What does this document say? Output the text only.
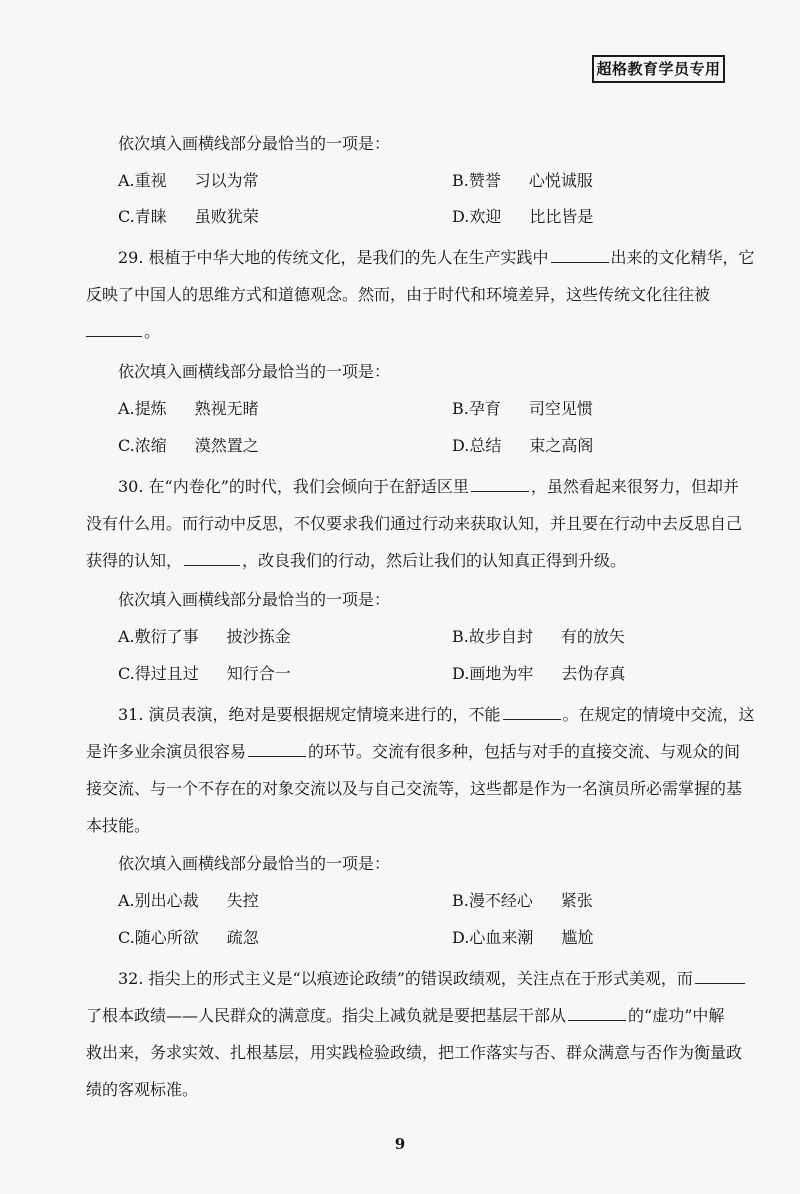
超格教育学员专用
依次填入画横线部分最恰当的一项是：
A.重视 习以为常	B.赞誉 心悦诚服
C.青睐 虽败犹荣	D.欢迎 比比皆是
29. 根植于中华大地的传统文化，是我们的先人在生产实践中	出来的文化精华，它
反映了中国人的思维方式和道德观念。然而，由于时代和环境差异，这些传统文化往往被
。
依次填入画横线部分最恰当的一项是：
A.提炼 熟视无睹	B.孕育 司空见惯
C.浓缩 漠然置之	D.总结 束之高阁
30. 在“内卷化”的时代，我们会倾向于在舒适区里	，虽然看起来很努力，但却并
没有什么用。而行动中反思，不仅要求我们通过行动来获取认知，并且要在行动中去反思自己
获得的认知，	，改良我们的行动，然后让我们的认知真正得到升级。
依次填入画横线部分最恰当的一项是：
A.敷衍了事 披沙拣金	B.故步自封 有的放矢
C.得过且过 知行合一	D.画地为牢 去伪存真
31. 演员表演，绝对是要根据规定情境来进行的，不能	。在规定的情境中交流，这
是许多业余演员很容易	的环节。交流有很多种，包括与对手的直接交流、与观众的间
接交流、与一个不存在的对象交流以及与自己交流等，这些都是作为一名演员所必需掌握的基
本技能。
依次填入画横线部分最恰当的一项是：
A.别出心裁 失控	B.漫不经心 紧张
C.随心所欲 疏忽	D.心血来潮 尴尬
32. 指尖上的形式主义是“以痕迹论政绩”的错误政绩观，关注点在于形式美观，而
了根本政绩——人民群众的满意度。指尖上减负就是要把基层干部从	的“虚功”中解
救出来，务求实效、扎根基层，用实践检验政绩，把工作落实与否、群众满意与否作为衡量政
绩的客观标准。
9
